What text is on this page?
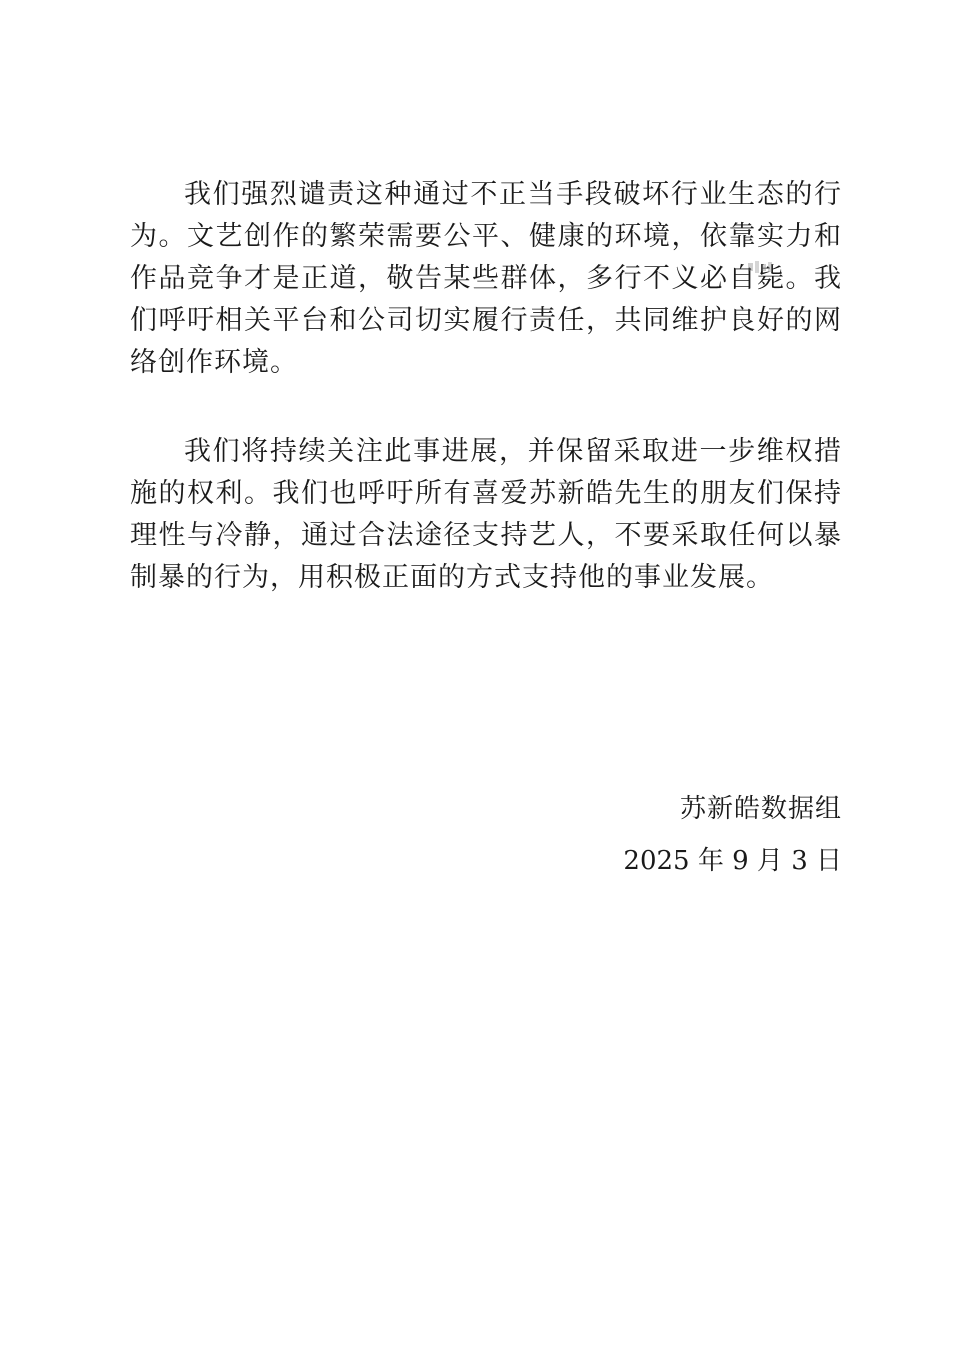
我们强烈谴责这种通过不正当手段破坏行业生态的行为。文艺创作的繁荣需要公平、健康的环境，依靠实力和作品竞争才是正道，敬告某些群体，多行不义必自毙。我们呼吁相关平台和公司切实履行责任，共同维护良好的网络创作环境。

我们将持续关注此事进展，并保留采取进一步维权措施的权利。我们也呼吁所有喜爱苏新皓先生的朋友们保持理性与冷静，通过合法途径支持艺人，不要采取任何以暴制暴的行为，用积极正面的方式支持他的事业发展。

苏新皓数据组

2025 年 9 月 3 日
